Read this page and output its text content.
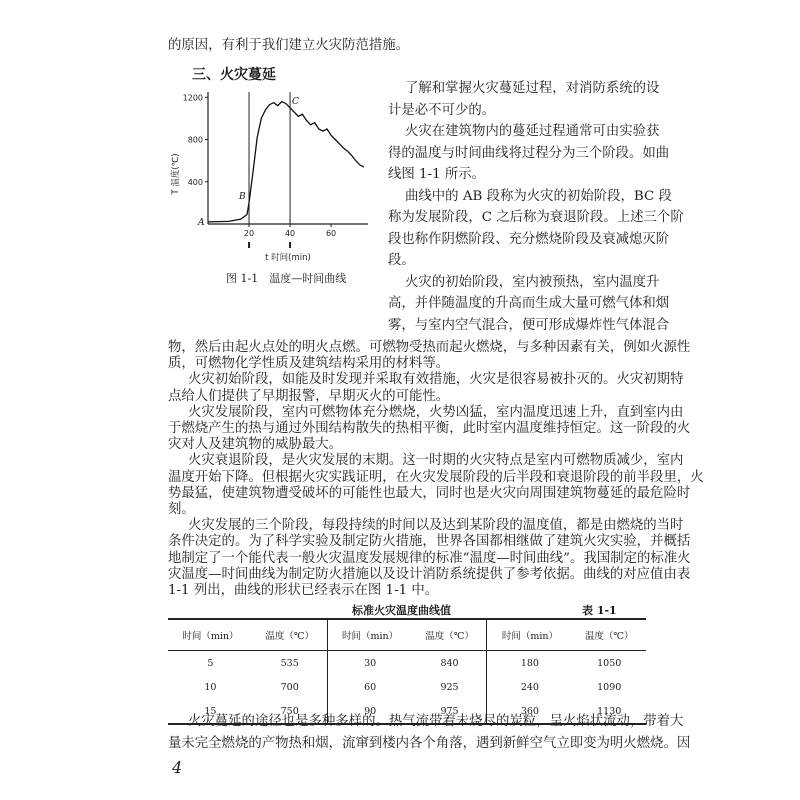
的原因，有利于我们建立火灾防范措施。
三、火灾蔓延
1200
800
400
20	40	60
A
B
C
T 温度(℃)
t 时间(min)
图 1-1　温度—时间曲线
了解和掌握火灾蔓延过程，对消防系统的设
计是必不可少的。
火灾在建筑物内的蔓延过程通常可由实验获
得的温度与时间曲线将过程分为三个阶段。如曲
线图 1-1 所示。
曲线中的 AB 段称为火灾的初始阶段，BC 段
称为发展阶段，C 之后称为衰退阶段。上述三个阶
段也称作阴燃阶段、充分燃烧阶段及衰减熄灭阶
段。
火灾的初始阶段，室内被预热，室内温度升
高，并伴随温度的升高而生成大量可燃气体和烟
雾，与室内空气混合，便可形成爆炸性气体混合
物，然后由起火点处的明火点燃。可燃物受热而起火燃烧，与多种因素有关，例如火源性
质，可燃物化学性质及建筑结构采用的材料等。
火灾初始阶段，如能及时发现并采取有效措施，火灾是很容易被扑灭的。火灾初期特
点给人们提供了早期报警，早期灭火的可能性。
火灾发展阶段，室内可燃物体充分燃烧，火势凶猛，室内温度迅速上升，直到室内由
于燃烧产生的热与通过外围结构散失的热相平衡，此时室内温度维持恒定。这一阶段的火
灾对人及建筑物的威胁最大。
火灾衰退阶段，是火灾发展的末期。这一时期的火灾特点是室内可燃物质减少，室内
温度开始下降。但根据火灾实践证明，在火灾发展阶段的后半段和衰退阶段的前半段里，火
势最猛，使建筑物遭受破坏的可能性也最大，同时也是火灾向周围建筑物蔓延的最危险时
刻。
标准火灾温度曲线值	表 1-1
时间（min）	温度（℃）	时间（min）	温度（℃）	时间（min）	温度（℃）
5	535	30	840	180	1050
10	700	60	925	240	1090
15	750	90	975	360	1130
火灾蔓延的途径也是多种多样的。热气流带着未烧尽的炭粒，呈火焰状流动，带着大
量未完全燃烧的产物热和烟，流窜到楼内各个角落，遇到新鲜空气立即变为明火燃烧。因
4
火灾发展的三个阶段，每段持续的时间以及达到某阶段的温度值，都是由燃烧的当时
条件决定的。为了科学实验及制定防火措施，世界各国都相继做了建筑火灾实验，并概括
地制定了一个能代表一般火灾温度发展规律的标准“温度—时间曲线”。我国制定的标准火
灾温度—时间曲线为制定防火措施以及设计消防系统提供了参考依据。曲线的对应值由表
1-1 列出，曲线的形状已经表示在图 1-1 中。
